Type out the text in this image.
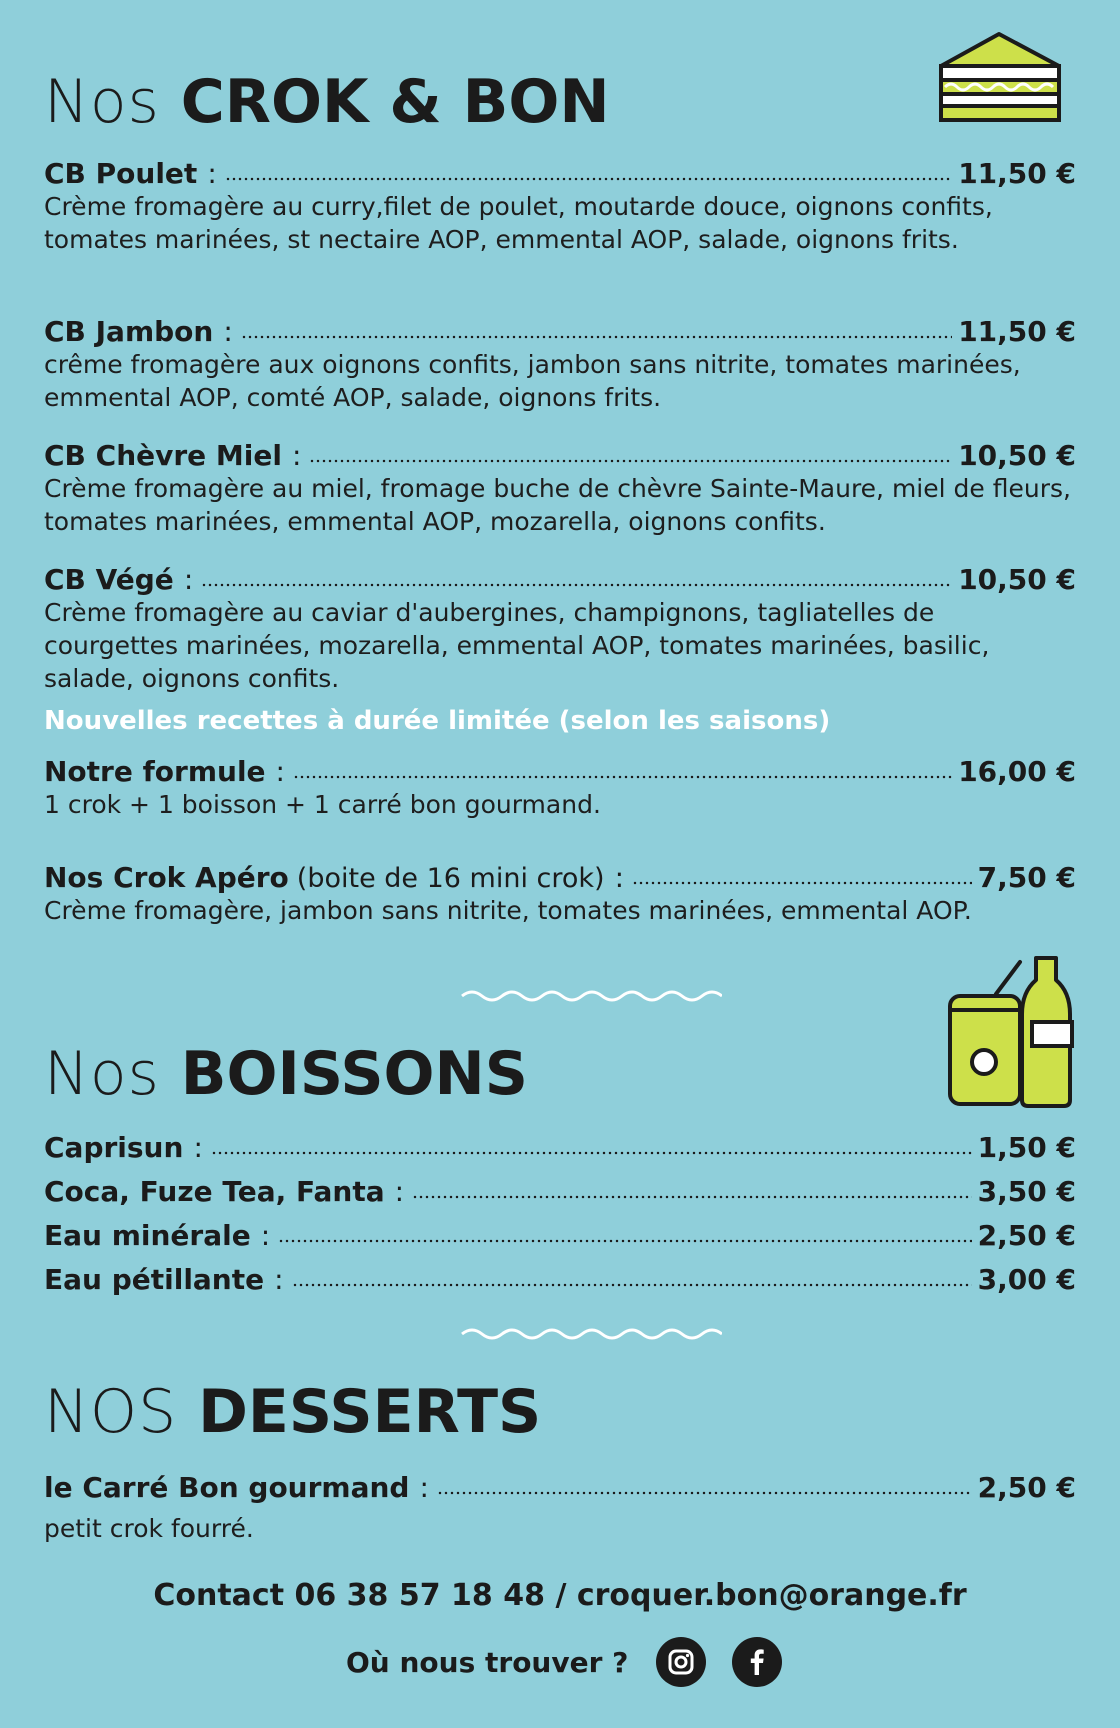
Nos CROK & BON
CB Poulet :	11,50 €
Crème fromagère au curry,filet de poulet, moutarde douce, oignons confits, tomates marinées, st nectaire AOP, emmental AOP, salade, oignons frits.
CB Jambon :	11,50 €
crême fromagère aux oignons confits, jambon sans nitrite, tomates marinées, emmental AOP, comté AOP, salade, oignons frits.
CB Chèvre Miel :	10,50 €
Crème fromagère au miel, fromage buche de chèvre Sainte-Maure, miel de fleurs, tomates marinées, emmental AOP, mozarella, oignons confits.
CB Végé :	10,50 €
Crème fromagère au caviar d'aubergines, champignons, tagliatelles de courgettes marinées, mozarella, emmental AOP, tomates marinées, basilic, salade, oignons confits.
Nouvelles recettes à durée limitée (selon les saisons)
Notre formule :	16,00 €
1 crok + 1 boisson + 1 carré bon gourmand.
Nos Crok Apéro (boite de 16 mini crok) :	7,50 €
Crème fromagère, jambon sans nitrite, tomates marinées, emmental AOP.
Nos BOISSONS
Caprisun :	1,50 €
Coca, Fuze Tea, Fanta :	3,50 €
Eau minérale :	2,50 €
Eau pétillante :	3,00 €
NOS DESSERTS
le Carré Bon gourmand :	2,50 €
petit crok fourré.
Contact 06 38 57 18 48 / croquer.bon@orange.fr
Où nous trouver ?
